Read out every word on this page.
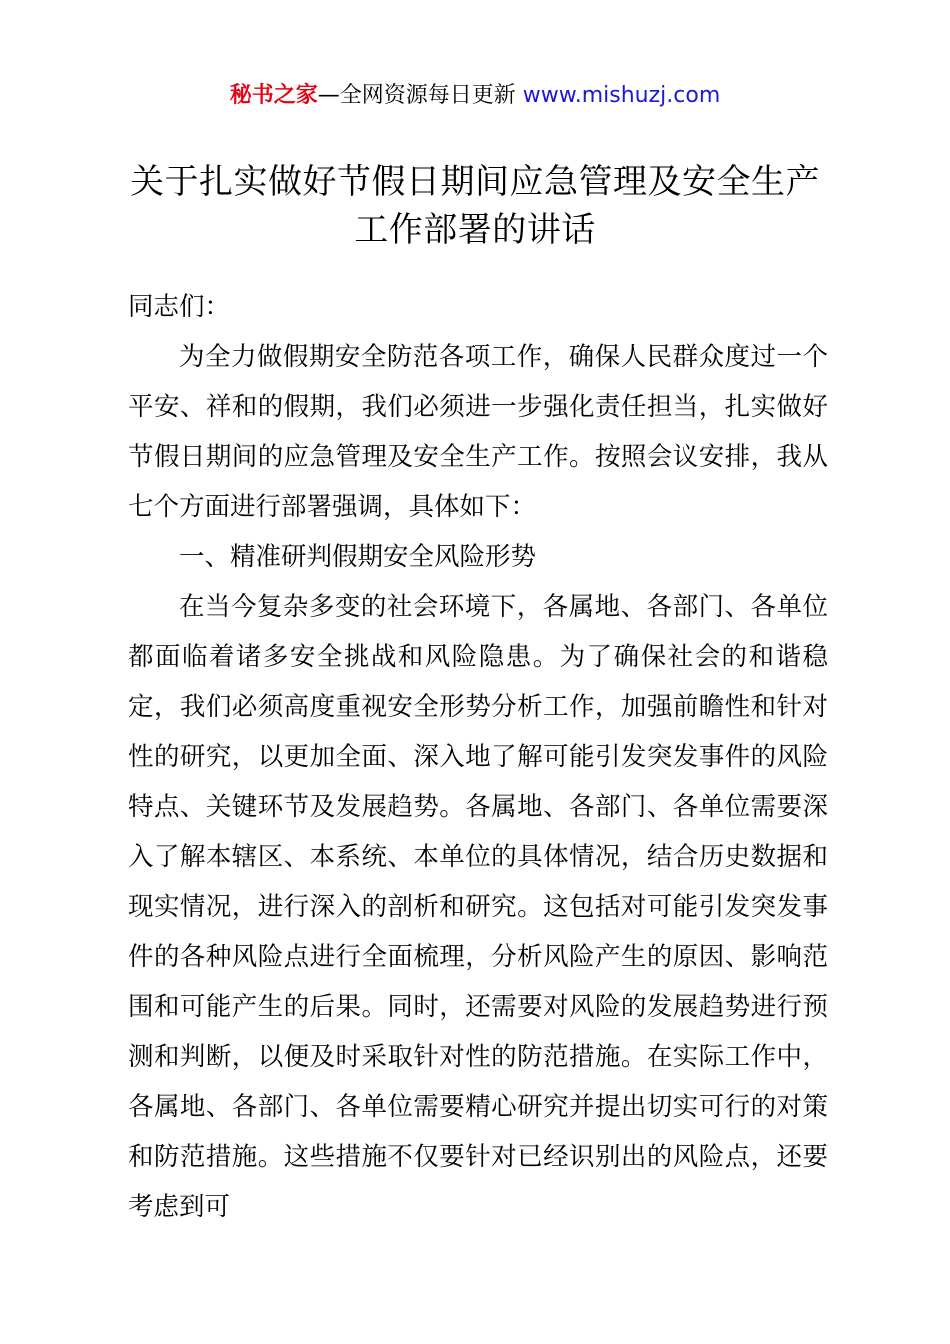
秘书之家—全网资源每日更新 www.mishuzj.com
关于扎实做好节假日期间应急管理及安全生产
工作部署的讲话

同志们：

为全力做假期安全防范各项工作，确保人民群众度过一个平安、祥和的假期，我们必须进一步强化责任担当，扎实做好节假日期间的应急管理及安全生产工作。按照会议安排，我从七个方面进行部署强调，具体如下：

一、精准研判假期安全风险形势

在当今复杂多变的社会环境下，各属地、各部门、各单位都面临着诸多安全挑战和风险隐患。为了确保社会的和谐稳定，我们必须高度重视安全形势分析工作，加强前瞻性和针对性的研究，以更加全面、深入地了解可能引发突发事件的风险特点、关键环节及发展趋势。各属地、各部门、各单位需要深入了解本辖区、本系统、本单位的具体情况，结合历史数据和现实情况，进行深入的剖析和研究。这包括对可能引发突发事件的各种风险点进行全面梳理，分析风险产生的原因、影响范围和可能产生的后果。同时，还需要对风险的发展趋势进行预测和判断，以便及时采取针对性的防范措施。在实际工作中，各属地、各部门、各单位需要精心研究并提出切实可行的对策和防范措施。这些措施不仅要针对已经识别出的风险点，还要考虑到可
